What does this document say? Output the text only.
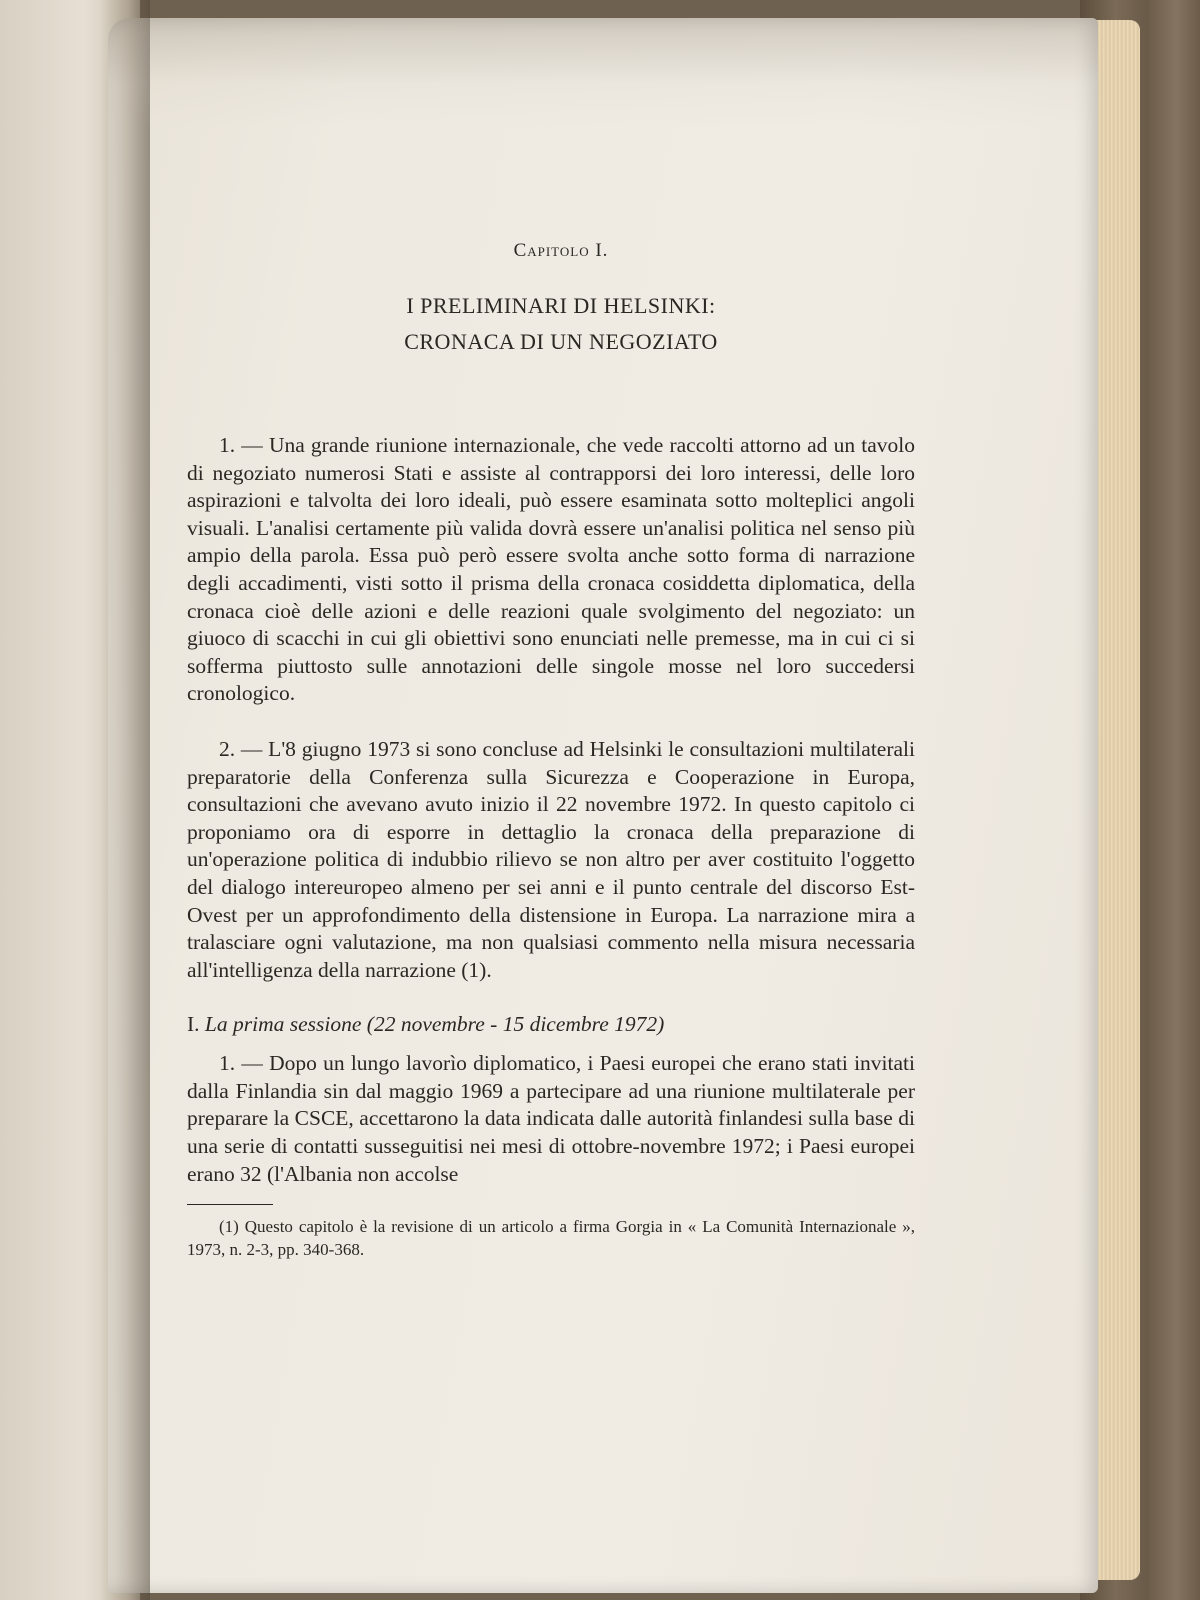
Capitolo I.
I PRELIMINARI DI HELSINKI:
CRONACA DI UN NEGOZIATO

1. — Una grande riunione internazionale, che vede raccolti attorno ad un tavolo di negoziato numerosi Stati e assiste al contrapporsi dei loro interessi, delle loro aspirazioni e talvolta dei loro ideali, può essere esaminata sotto molteplici angoli visuali. L'analisi certamente più valida dovrà essere un'analisi politica nel senso più ampio della parola. Essa può però essere svolta anche sotto forma di narrazione degli accadimenti, visti sotto il prisma della cronaca cosiddetta diplomatica, della cronaca cioè delle azioni e delle reazioni quale svolgimento del negoziato: un giuoco di scacchi in cui gli obiettivi sono enunciati nelle premesse, ma in cui ci si sofferma piuttosto sulle annotazioni delle singole mosse nel loro succedersi cronologico.

2. — L'8 giugno 1973 si sono concluse ad Helsinki le consultazioni multilaterali preparatorie della Conferenza sulla Sicurezza e Cooperazione in Europa, consultazioni che avevano avuto inizio il 22 novembre 1972. In questo capitolo ci proponiamo ora di esporre in dettaglio la cronaca della preparazione di un'operazione politica di indubbio rilievo se non altro per aver costituito l'oggetto del dialogo intereuropeo almeno per sei anni e il punto centrale del discorso Est-Ovest per un approfondimento della distensione in Europa. La narrazione mira a tralasciare ogni valutazione, ma non qualsiasi commento nella misura necessaria all'intelligenza della narrazione (1).

I. La prima sessione (22 novembre - 15 dicembre 1972)

1. — Dopo un lungo lavorìo diplomatico, i Paesi europei che erano stati invitati dalla Finlandia sin dal maggio 1969 a partecipare ad una riunione multilaterale per preparare la CSCE, accettarono la data indicata dalle autorità finlandesi sulla base di una serie di contatti susseguitisi nei mesi di ottobre-novembre 1972; i Paesi europei erano 32 (l'Albania non accolse

(1) Questo capitolo è la revisione di un articolo a firma Gorgia in « La Comunità Internazionale », 1973, n. 2-3, pp. 340-368.
